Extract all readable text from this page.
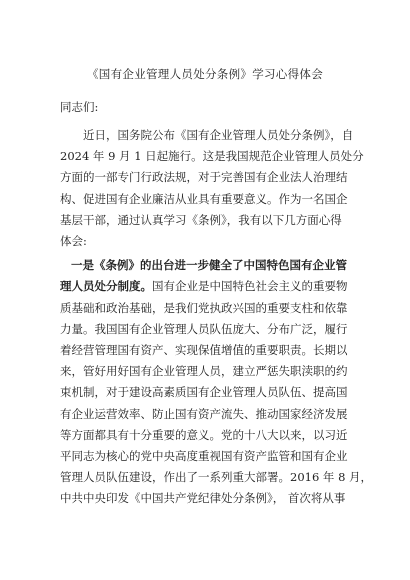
《国有企业管理人员处分条例》学习心得体会
同志们:

近日，国务院公布《国有企业管理人员处分条例》，自
2024 年 9 月 1 日起施行。这是我国规范企业管理人员处分
方面的一部专门行政法规，对于完善国有企业法人治理结
构、促进国有企业廉洁从业具有重要意义。作为一名国企
基层干部，通过认真学习《条例》，我有以下几方面心得
体会:

一是《条例》的出台进一步健全了中国特色国有企业管
理人员处分制度。国有企业是中国特色社会主义的重要物
质基础和政治基础，是我们党执政兴国的重要支柱和依靠
力量。我国国有企业管理人员队伍庞大、分布广泛，履行
着经营管理国有资产、实现保值增值的重要职责。长期以
来，管好用好国有企业管理人员，建立严惩失职渎职的约
束机制，对于建设高素质国有企业管理人员队伍、提高国
有企业运营效率、防止国有资产流失、推动国家经济发展
等方面都具有十分重要的意义。党的十八大以来，以习近
平同志为核心的党中央高度重视国有资产监管和国有企业
管理人员队伍建设，作出了一系列重大部署。2016 年 8 月，
中共中央印发《中国共产党纪律处分条例》， 首次将从事
